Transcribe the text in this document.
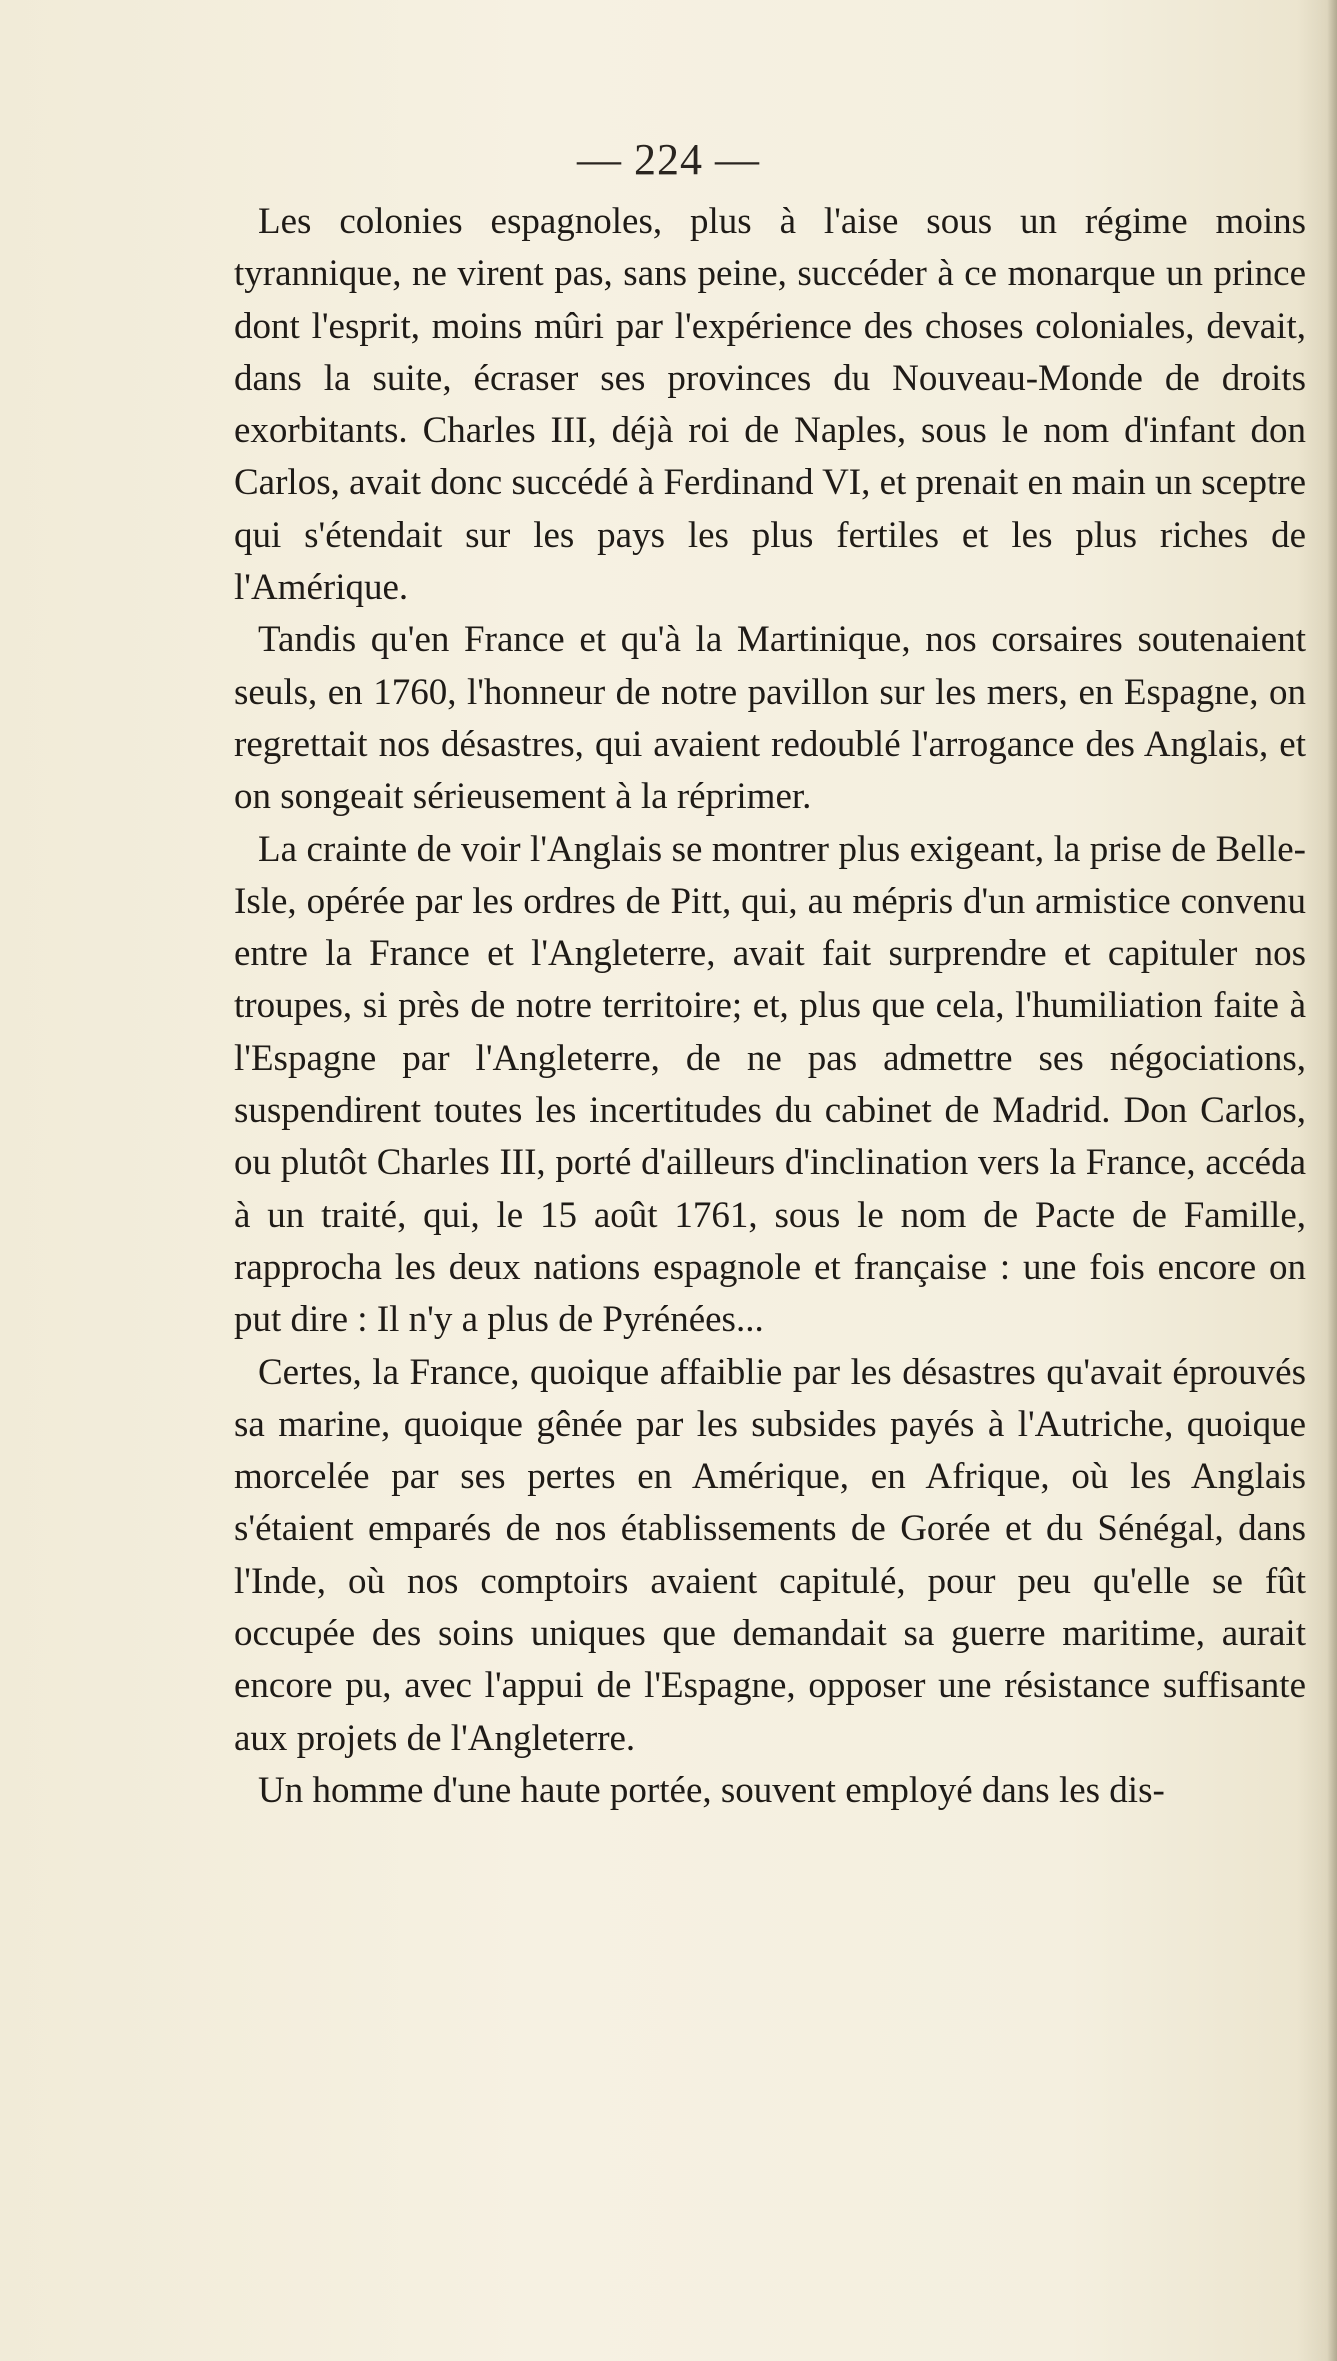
— 224 —

Les colonies espagnoles, plus à l'aise sous un régime moins tyrannique, ne virent pas, sans peine, succéder à ce monarque un prince dont l'esprit, moins mûri par l'expérience des choses coloniales, devait, dans la suite, écraser ses provinces du Nouveau-Monde de droits exorbitants. Charles III, déjà roi de Naples, sous le nom d'infant don Carlos, avait donc succédé à Ferdinand VI, et prenait en main un sceptre qui s'étendait sur les pays les plus fertiles et les plus riches de l'Amérique.

Tandis qu'en France et qu'à la Martinique, nos corsaires soutenaient seuls, en 1760, l'honneur de notre pavillon sur les mers, en Espagne, on regrettait nos désastres, qui avaient redoublé l'arrogance des Anglais, et on songeait sérieusement à la réprimer.

La crainte de voir l'Anglais se montrer plus exigeant, la prise de Belle-Isle, opérée par les ordres de Pitt, qui, au mépris d'un armistice convenu entre la France et l'Angleterre, avait fait surprendre et capituler nos troupes, si près de notre territoire; et, plus que cela, l'humiliation faite à l'Espagne par l'Angleterre, de ne pas admettre ses négociations, suspendirent toutes les incertitudes du cabinet de Madrid. Don Carlos, ou plutôt Charles III, porté d'ailleurs d'inclination vers la France, accéda à un traité, qui, le 15 août 1761, sous le nom de Pacte de Famille, rapprocha les deux nations espagnole et française : une fois encore on put dire : Il n'y a plus de Pyrénées...

Certes, la France, quoique affaiblie par les désastres qu'avait éprouvés sa marine, quoique gênée par les subsides payés à l'Autriche, quoique morcelée par ses pertes en Amérique, en Afrique, où les Anglais s'étaient emparés de nos établissements de Gorée et du Sénégal, dans l'Inde, où nos comptoirs avaient capitulé, pour peu qu'elle se fût occupée des soins uniques que demandait sa guerre maritime, aurait encore pu, avec l'appui de l'Espagne, opposer une résistance suffisante aux projets de l'Angleterre.

Un homme d'une haute portée, souvent employé dans les dis-
